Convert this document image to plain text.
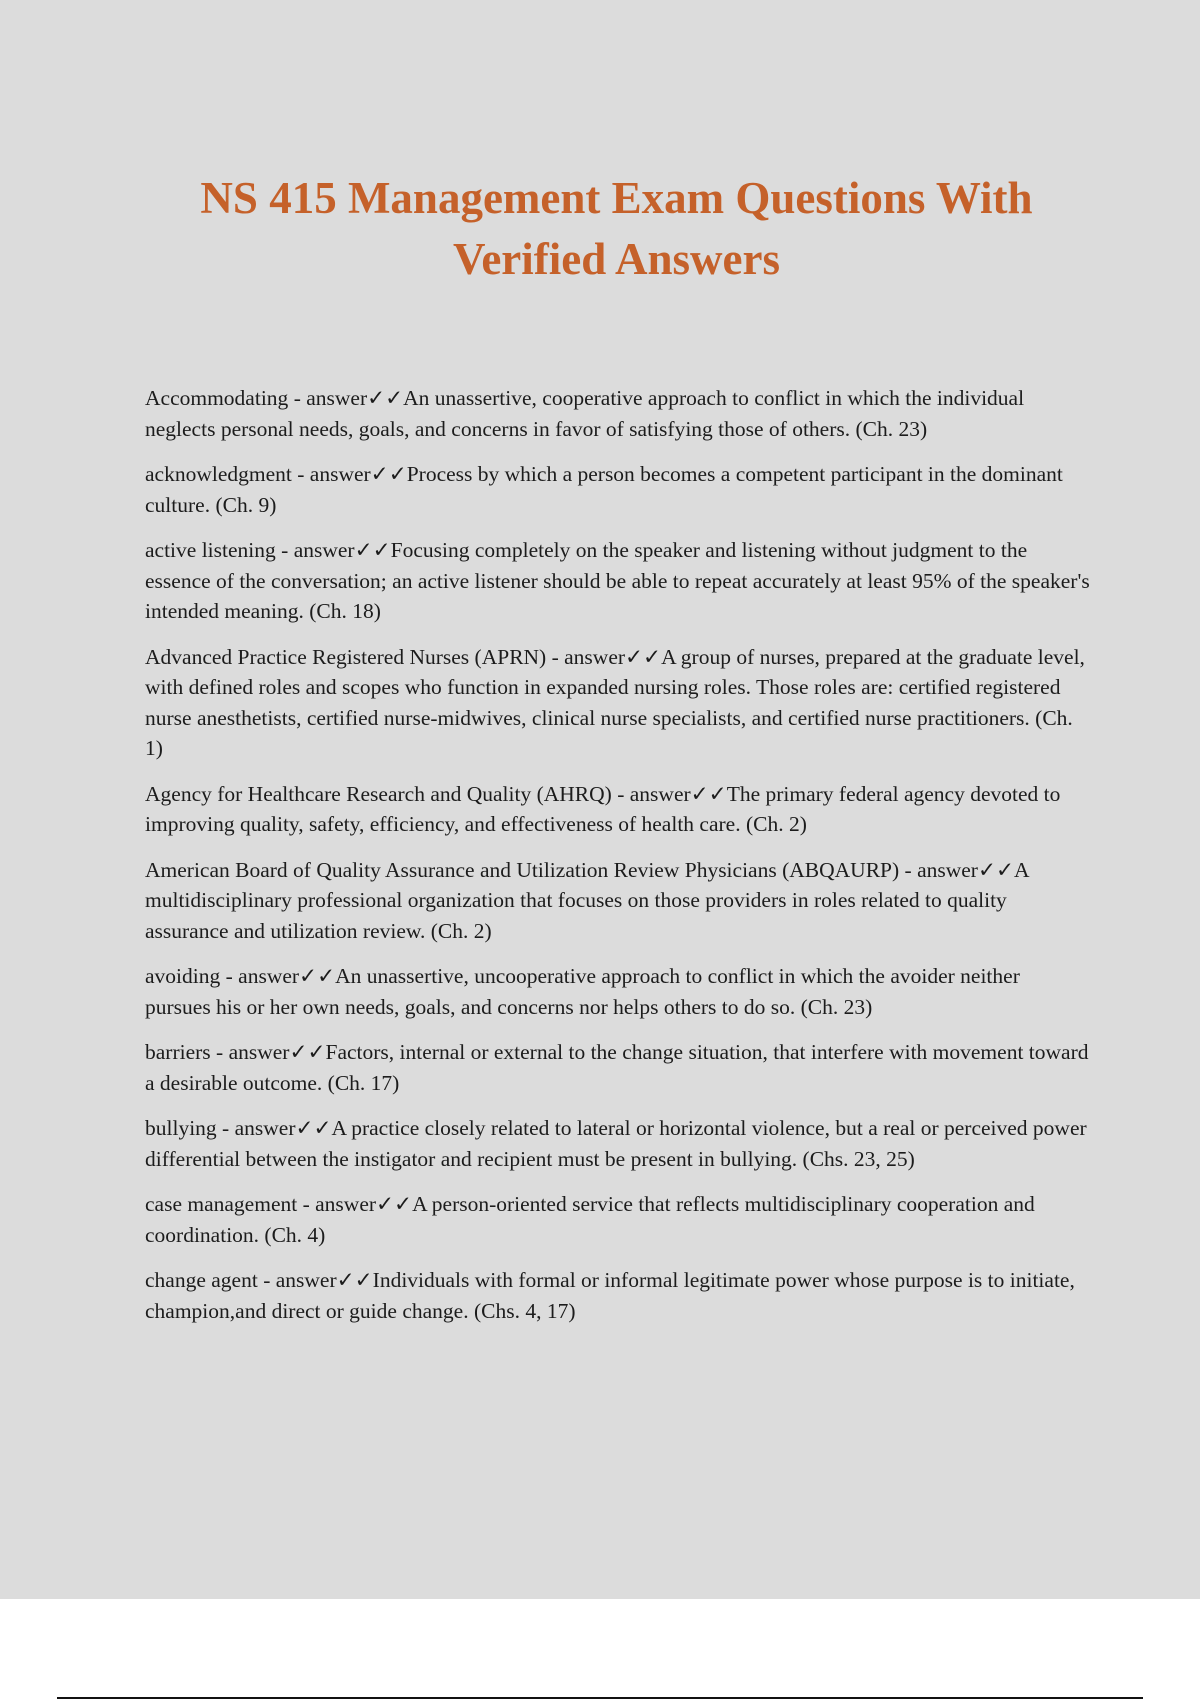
NS 415 Management Exam Questions With
Verified Answers

Accommodating - answer✓✓An unassertive, cooperative approach to conflict in which the individual neglects personal needs, goals, and concerns in favor of satisfying those of others. (Ch. 23)

acknowledgment - answer✓✓Process by which a person becomes a competent participant in the dominant culture. (Ch. 9)

active listening - answer✓✓Focusing completely on the speaker and listening without judgment to the essence of the conversation; an active listener should be able to repeat accurately at least 95% of the speaker's intended meaning. (Ch. 18)

Advanced Practice Registered Nurses (APRN) - answer✓✓A group of nurses, prepared at the graduate level, with defined roles and scopes who function in expanded nursing roles. Those roles are: certified registered nurse anesthetists, certified nurse-midwives, clinical nurse specialists, and certified nurse practitioners. (Ch. 1)

Agency for Healthcare Research and Quality (AHRQ) - answer✓✓The primary federal agency devoted to improving quality, safety, efficiency, and effectiveness of health care. (Ch. 2)

American Board of Quality Assurance and Utilization Review Physicians (ABQAURP) - answer✓✓A multidisciplinary professional organization that focuses on those providers in roles related to quality assurance and utilization review. (Ch. 2)

avoiding - answer✓✓An unassertive, uncooperative approach to conflict in which the avoider neither pursues his or her own needs, goals, and concerns nor helps others to do so. (Ch. 23)

barriers - answer✓✓Factors, internal or external to the change situation, that interfere with movement toward a desirable outcome. (Ch. 17)

bullying - answer✓✓A practice closely related to lateral or horizontal violence, but a real or perceived power differential between the instigator and recipient must be present in bullying. (Chs. 23, 25)

case management - answer✓✓A person-oriented service that reflects multidisciplinary cooperation and coordination. (Ch. 4)

change agent - answer✓✓Individuals with formal or informal legitimate power whose purpose is to initiate, champion,and direct or guide change. (Chs. 4, 17)
